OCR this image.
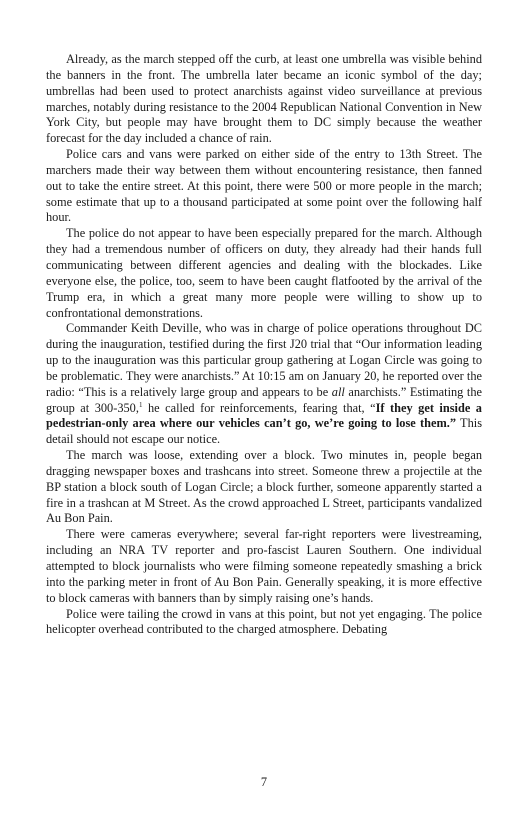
Already, as the march stepped off the curb, at least one umbrella was visible behind the banners in the front. The umbrella later became an iconic symbol of the day; umbrellas had been used to protect anarchists against video surveillance at previous marches, notably during resistance to the 2004 Republican National Convention in New York City, but people may have brought them to DC simply because the weather forecast for the day included a chance of rain.

Police cars and vans were parked on either side of the entry to 13th Street. The marchers made their way between them without encountering resistance, then fanned out to take the entire street. At this point, there were 500 or more people in the march; some estimate that up to a thousand participated at some point over the following half hour.

The police do not appear to have been especially prepared for the march. Although they had a tremendous number of officers on duty, they already had their hands full communicating between different agencies and dealing with the blockades. Like everyone else, the police, too, seem to have been caught flatfooted by the arrival of the Trump era, in which a great many more people were willing to show up to confrontational demonstrations.

Commander Keith Deville, who was in charge of police operations throughout DC during the inauguration, testified during the first J20 trial that “Our information leading up to the inauguration was this particular group gathering at Logan Circle was going to be problematic. They were anarchists.” At 10:15 am on January 20, he reported over the radio: “This is a relatively large group and appears to be all anarchists.” Estimating the group at 300-350,$^1$ he called for reinforcements, fearing that, “If they get inside a pedestrian-only area where our vehicles can’t go, we’re going to lose them.” This detail should not escape our notice.

The march was loose, extending over a block. Two minutes in, people began dragging newspaper boxes and trashcans into street. Someone threw a projectile at the BP station a block south of Logan Circle; a block further, someone apparently started a fire in a trashcan at M Street. As the crowd approached L Street, participants vandalized Au Bon Pain.

There were cameras everywhere; several far-right reporters were livestreaming, including an NRA TV reporter and pro-fascist Lauren Southern. One individual attempted to block journalists who were filming someone repeatedly smashing a brick into the parking meter in front of Au Bon Pain. Generally speaking, it is more effective to block cameras with banners than by simply raising one’s hands.

Police were tailing the crowd in vans at this point, but not yet engaging. The police helicopter overhead contributed to the charged atmosphere. Debating

7
